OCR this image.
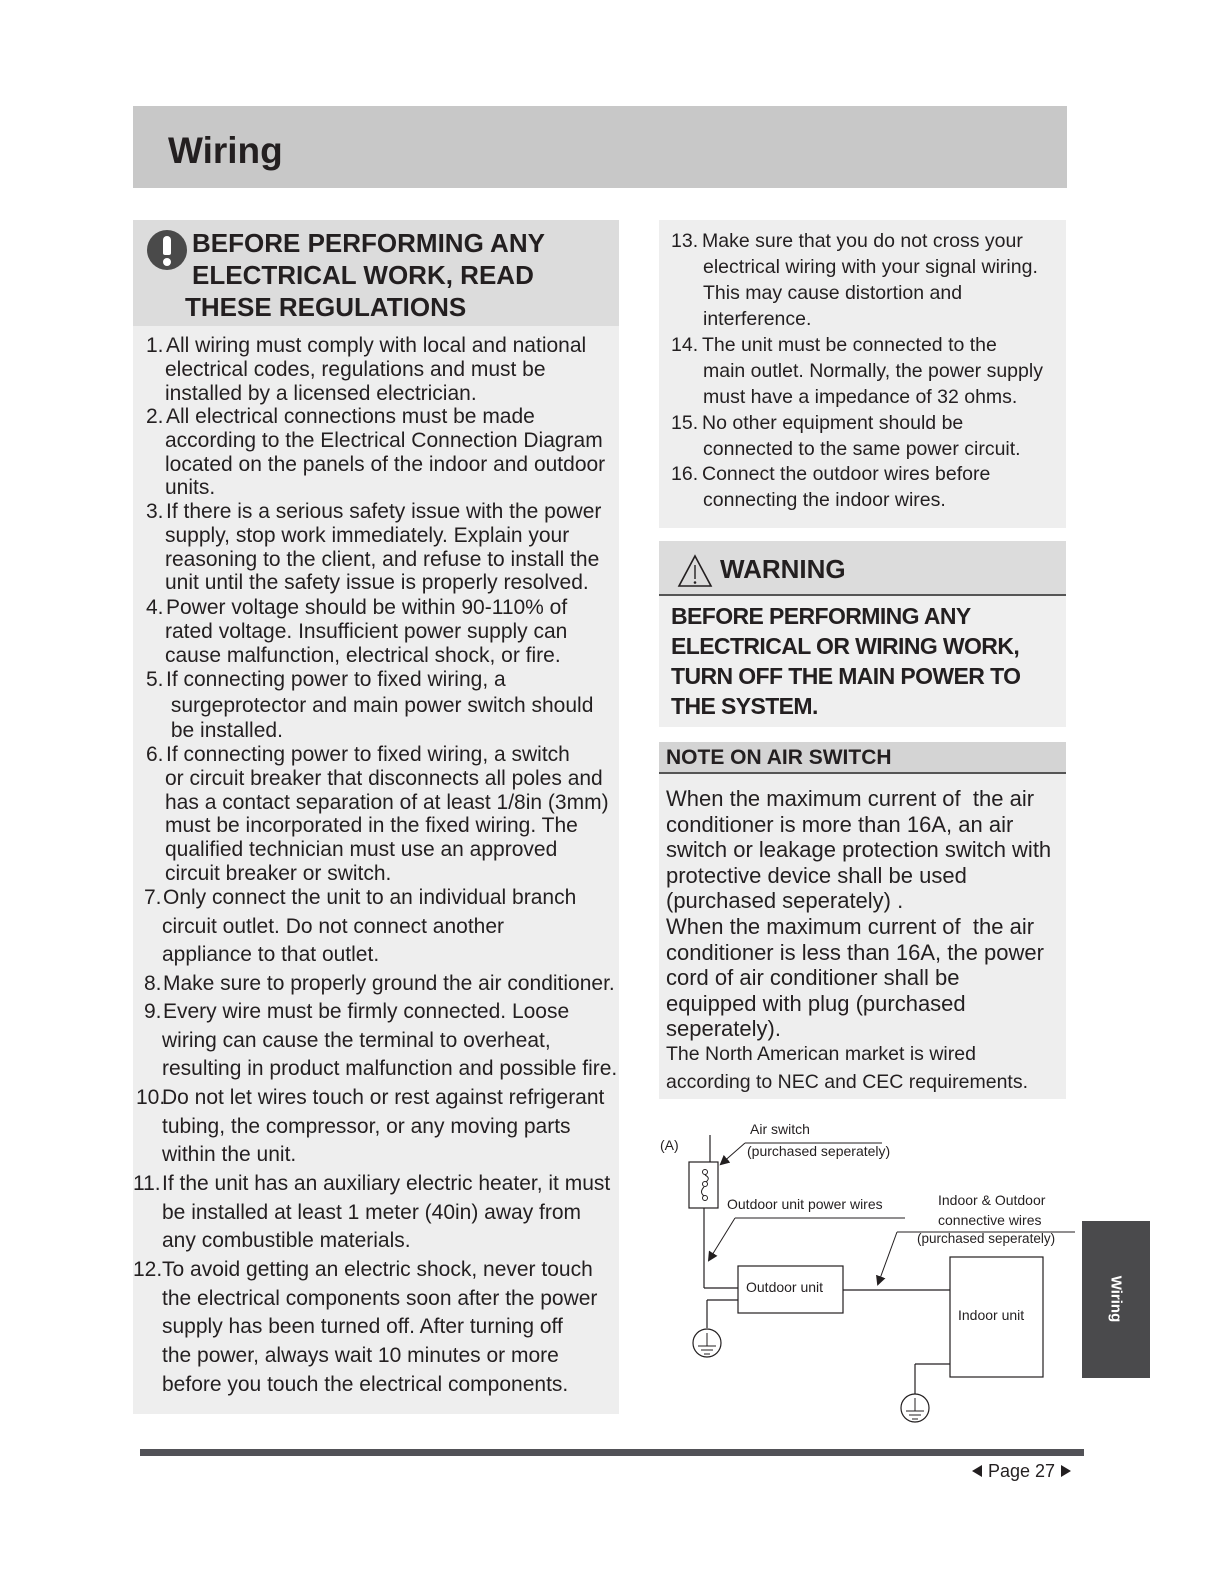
Wiring
BEFORE PERFORMING ANY
ELECTRICAL WORK, READ
THESE REGULATIONS
1. All wiring must comply with local and national
electrical codes, regulations and must be
installed by a licensed electrician.
2. All electrical connections must be made
according to the Electrical Connection Diagram
located on the panels of the indoor and outdoor
units.
3. If there is a serious safety issue with the power
supply, stop work immediately. Explain your
reasoning to the client, and refuse to install the
unit until the safety issue is properly resolved.
4. Power voltage should be within 90-110% of
rated voltage. Insufficient power supply can
cause malfunction, electrical shock, or fire.
5. If connecting power to fixed wiring, a
surgeprotector and main power switch should
be installed.
6. If connecting power to fixed wiring, a switch
or circuit breaker that disconnects all poles and
has a contact separation of at least 1/8in (3mm)
must be incorporated in the fixed wiring. The
qualified technician must use an approved
circuit breaker or switch.
7. Only connect the unit to an individual branch
circuit outlet. Do not connect another
appliance to that outlet.
8. Make sure to properly ground the air conditioner.
9. Every wire must be firmly connected. Loose
wiring can cause the terminal to overheat,
resulting in product malfunction and possible fire.
10.
Do not let wires touch or rest against refrigerant
tubing, the compressor, or any moving parts
within the unit.
11. If the unit has an auxiliary electric heater, it must
be installed at least 1 meter (40in) away from
any combustible materials.
12. To avoid getting an electric shock, never touch
the electrical components soon after the power
supply has been turned off. After turning off
the power, always wait 10 minutes or more
before you touch the electrical components.
13. Make sure that you do not cross your
electrical wiring with your signal wiring.
This may cause distortion and
interference.
14. The unit must be connected to the
main outlet. Normally, the power supply
must have a impedance of 32 ohms.
15. No other equipment should be
connected to the same power circuit.
16. Connect the outdoor wires before
connecting the indoor wires.
WARNING
BEFORE PERFORMING ANY
ELECTRICAL OR WIRING WORK,
TURN OFF THE MAIN POWER TO
THE SYSTEM.
NOTE ON AIR SWITCH
When the maximum current of  the air
conditioner is more than 16A, an air
switch or leakage protection switch with
protective device shall be used
(purchased seperately) .
When the maximum current of  the air
conditioner is less than 16A, the power
cord of air conditioner shall be
equipped with plug (purchased
seperately).
The North American market is wired
according to NEC and CEC requirements.
(A)
Air switch
(purchased seperately)
Outdoor unit power wires
Outdoor unit
Indoor & Outdoor
connective wires
(purchased seperately)
Indoor unit	Wiring
Page 27
